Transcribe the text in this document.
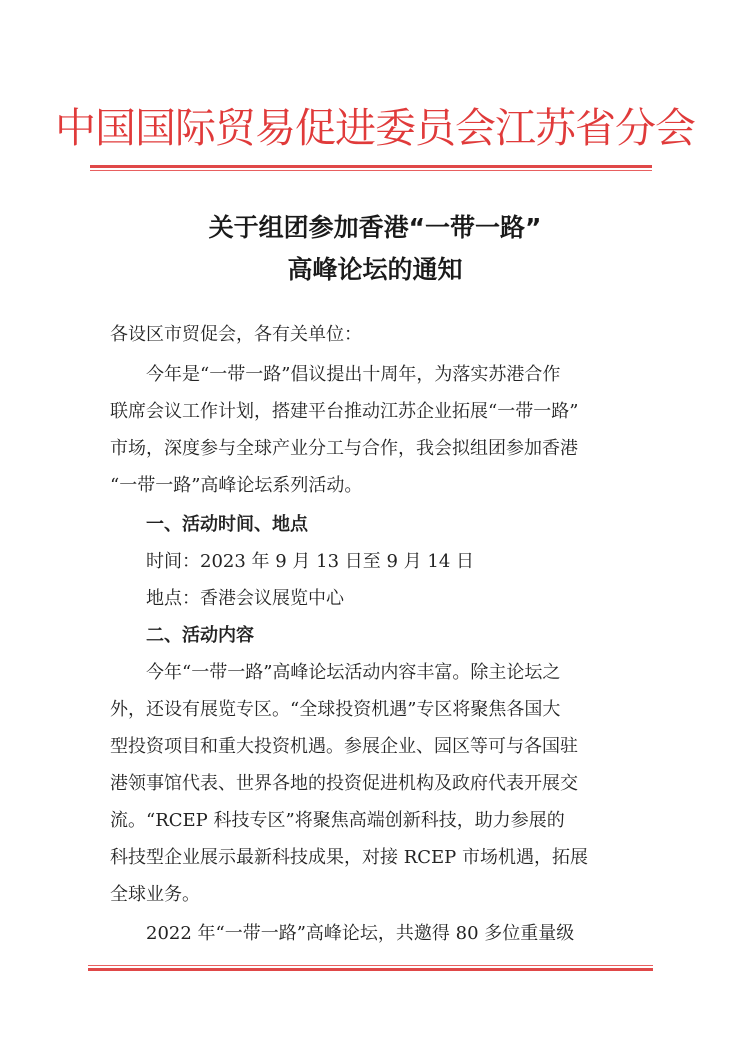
中国国际贸易促进委员会江苏省分会
关于组团参加香港“一带一路”
高峰论坛的通知
各设区市贸促会，各有关单位：
今年是“一带一路”倡议提出十周年，为落实苏港合作
联席会议工作计划，搭建平台推动江苏企业拓展“一带一路”
市场，深度参与全球产业分工与合作，我会拟组团参加香港
“一带一路”高峰论坛系列活动。
一、活动时间、地点
时间：2023 年 9 月 13 日至 9 月 14 日
地点：香港会议展览中心
二、活动内容
今年“一带一路”高峰论坛活动内容丰富。除主论坛之
外，还设有展览专区。“全球投资机遇”专区将聚焦各国大
型投资项目和重大投资机遇。参展企业、园区等可与各国驻
港领事馆代表、世界各地的投资促进机构及政府代表开展交
流。“RCEP 科技专区”将聚焦高端创新科技，助力参展的
科技型企业展示最新科技成果，对接 RCEP 市场机遇，拓展
全球业务。
2022 年“一带一路”高峰论坛，共邀得 80 多位重量级
